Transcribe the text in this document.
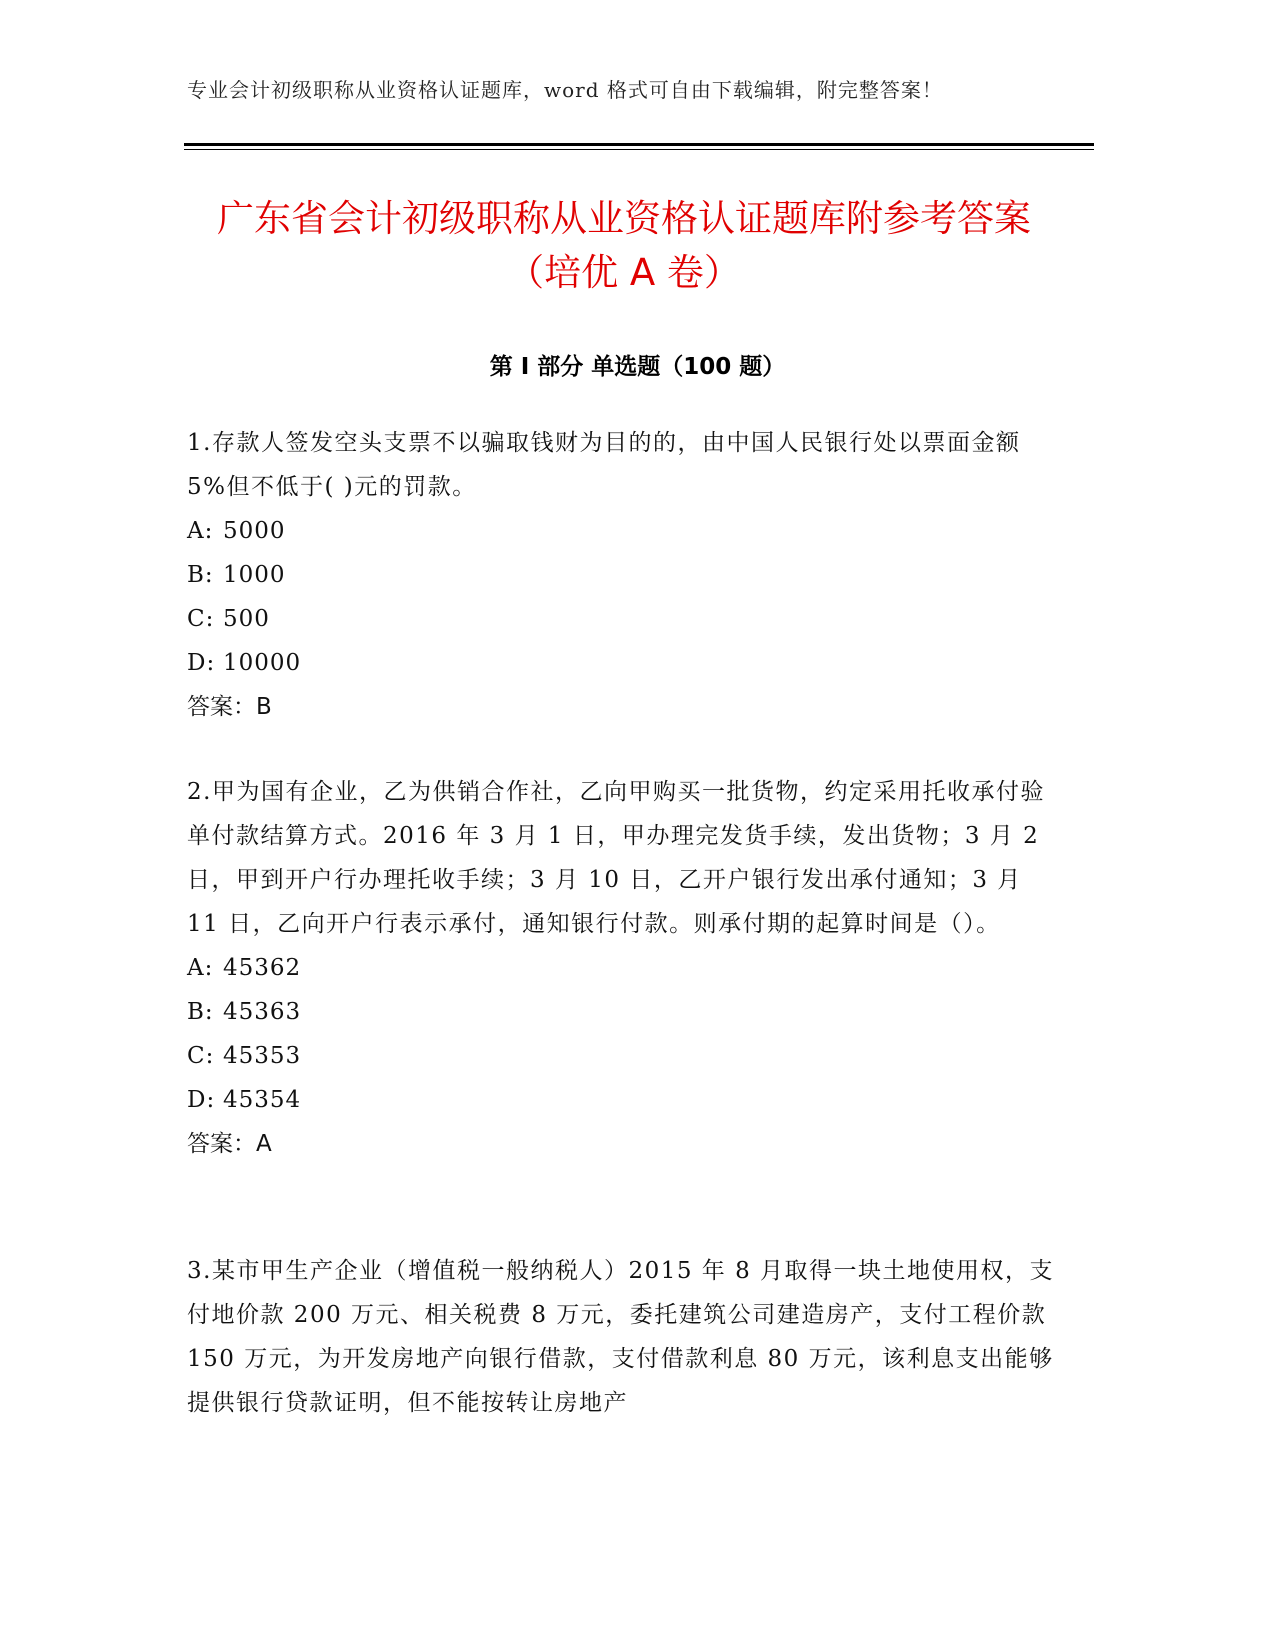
专业会计初级职称从业资格认证题库，word 格式可自由下载编辑，附完整答案！
广东省会计初级职称从业资格认证题库附参考答案（培优 A 卷）
第 I 部分 单选题（100 题）

1.存款人签发空头支票不以骗取钱财为目的的，由中国人民银行处以票面金额 5%但不低于( )元的罚款。

A: 5000

B: 1000

C: 500

D: 10000

答案：B

2.甲为国有企业，乙为供销合作社，乙向甲购买一批货物，约定采用托收承付验单付款结算方式。2016 年 3 月 1 日，甲办理完发货手续，发出货物；3 月 2 日，甲到开户行办理托收手续；3 月 10 日，乙开户银行发出承付通知；3 月 11 日，乙向开户行表示承付，通知银行付款。则承付期的起算时间是（）。

A: 45362

B: 45363

C: 45353

D: 45354

答案：A

3.某市甲生产企业（增值税一般纳税人）2015 年 8 月取得一块土地使用权，支付地价款 200 万元、相关税费 8 万元，委托建筑公司建造房产，支付工程价款 150 万元，为开发房地产向银行借款，支付借款利息 80 万元，该利息支出能够提供银行贷款证明，但不能按转让房地产
